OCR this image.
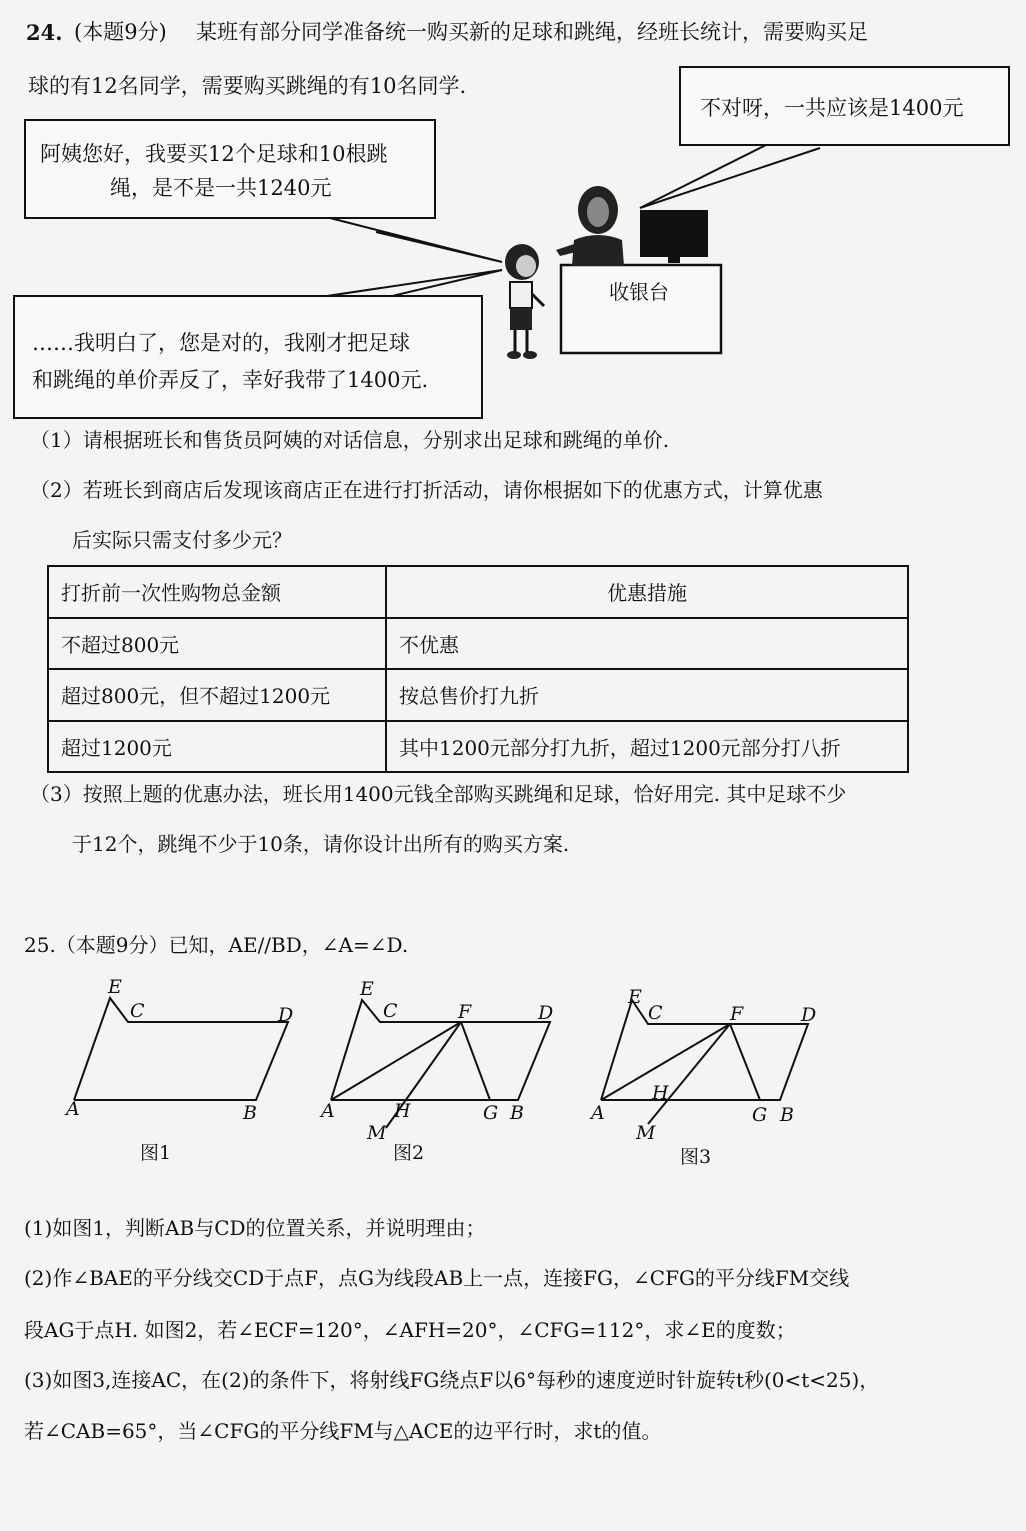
24. (本题9分) 某班有部分同学准备统一购买新的足球和跳绳，经班长统计，需要购买足
球的有12名同学，需要购买跳绳的有10名同学.
阿姨您好，我要买12个足球和10根跳
绳，是不是一共1240元
不对呀，一共应该是1400元
……我明白了，您是对的，我刚才把足球
和跳绳的单价弄反了，幸好我带了1400元.
收银台
（1）请根据班长和售货员阿姨的对话信息，分别求出足球和跳绳的单价.
（2）若班长到商店后发现该商店正在进行打折活动，请你根据如下的优惠方式，计算优惠
后实际只需支付多少元？
打折前一次性购物总金额	优惠措施
不超过800元	不优惠
超过800元，但不超过1200元	按总售价打九折
超过1200元	其中1200元部分打九折，超过1200元部分打八折
（3）按照上题的优惠办法，班长用1400元钱全部购买跳绳和足球，恰好用完. 其中足球不少
于12个，跳绳不少于10条，请你设计出所有的购买方案.
25.（本题9分）已知，AE//BD，∠A=∠D.
E
C	D
A	B
图1
E
C	F	D
A	H	G B
M
图2
E
C	F	D
H
A	G B
M
图3
(1)如图1，判断AB与CD的位置关系，并说明理由；
(2)作∠BAE的平分线交CD于点F，点G为线段AB上一点，连接FG，∠CFG的平分线FM交线
段AG于点H. 如图2，若∠ECF=120°，∠AFH=20°，∠CFG=112°，求∠E的度数；
(3)如图3,连接AC，在(2)的条件下，将射线FG绕点F以6°每秒的速度逆时针旋转t秒(0<t<25)，
若∠CAB=65°，当∠CFG的平分线FM与△ACE的边平行时，求t的值。
